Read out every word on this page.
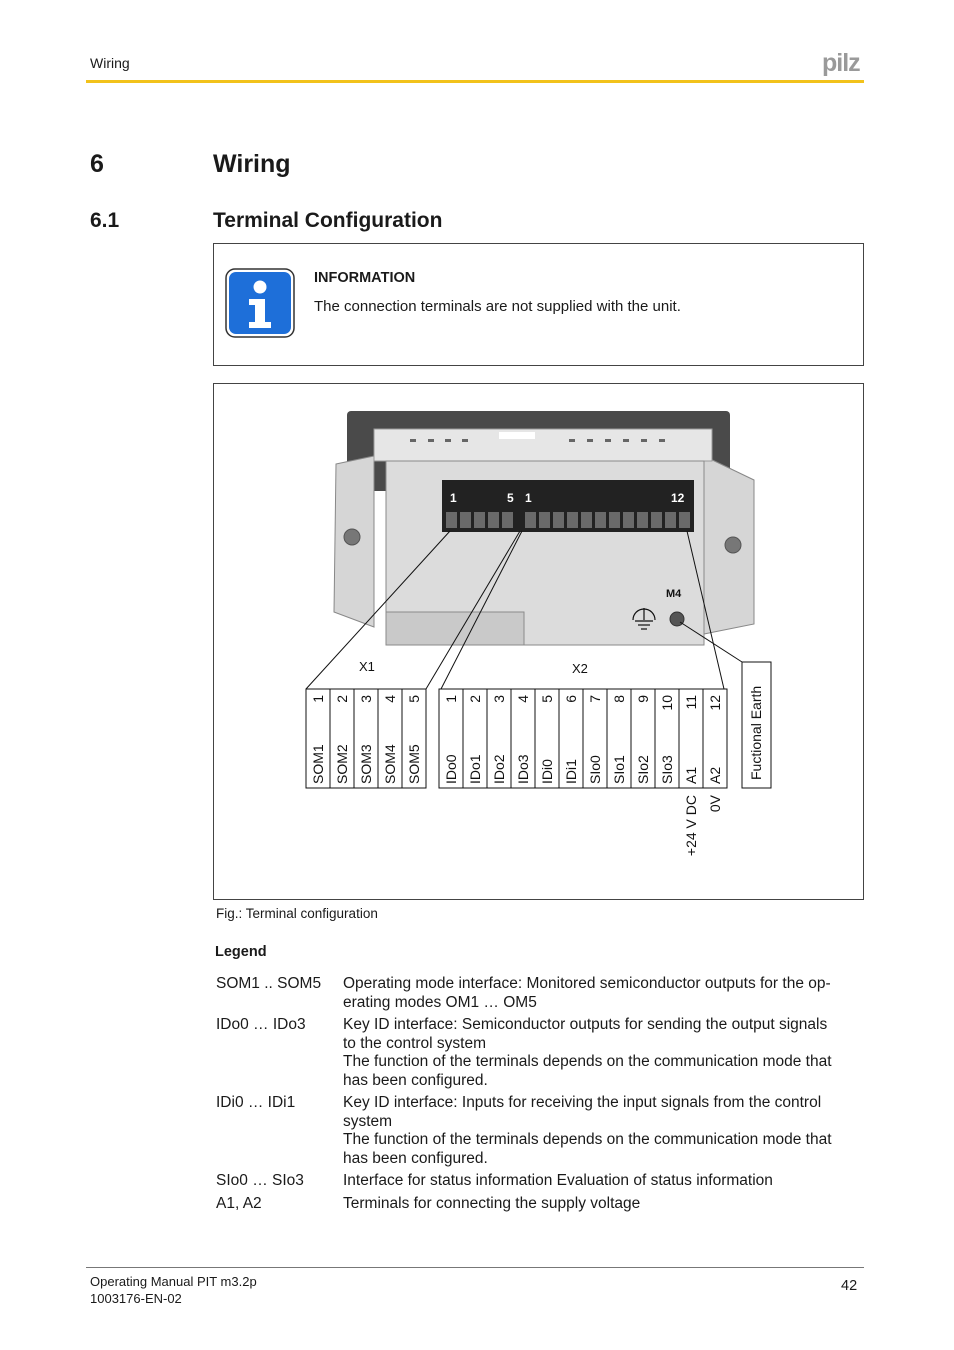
Wiring	pilz
6	Wiring
6.1	Terminal Configuration
INFORMATION
The connection terminals are not supplied with the unit.
1	5 1	12
M4
X1	X2
1
SOM1
2
SOM2
3
SOM3
4
SOM4
5
SOM5
1
IDo0
2
IDo1
3
IDo2
4
IDo3
5
IDi0
6
IDi1
7
SIo0
8
SIo1
9
SIo2
10
SIo3
11
A1
12
A2
+24 V DC 0V
Fuctional Earth
Fig.: Terminal configuration
Legend
SOM1 .. SOM5	Operating mode interface: Monitored semiconductor outputs for the op-
erating modes OM1 … OM5
IDo0 … IDo3	Key ID interface: Semiconductor outputs for sending the output signals
to the control system
The function of the terminals depends on the communication mode that
has been configured.
IDi0 … IDi1	Key ID interface: Inputs for receiving the input signals from the control
system
The function of the terminals depends on the communication mode that
has been configured.
SIo0 … SIo3	Interface for status information Evaluation of status information
A1, A2	Terminals for connecting the supply voltage
Operating Manual PIT m3.2p
1003176-EN-02
42
